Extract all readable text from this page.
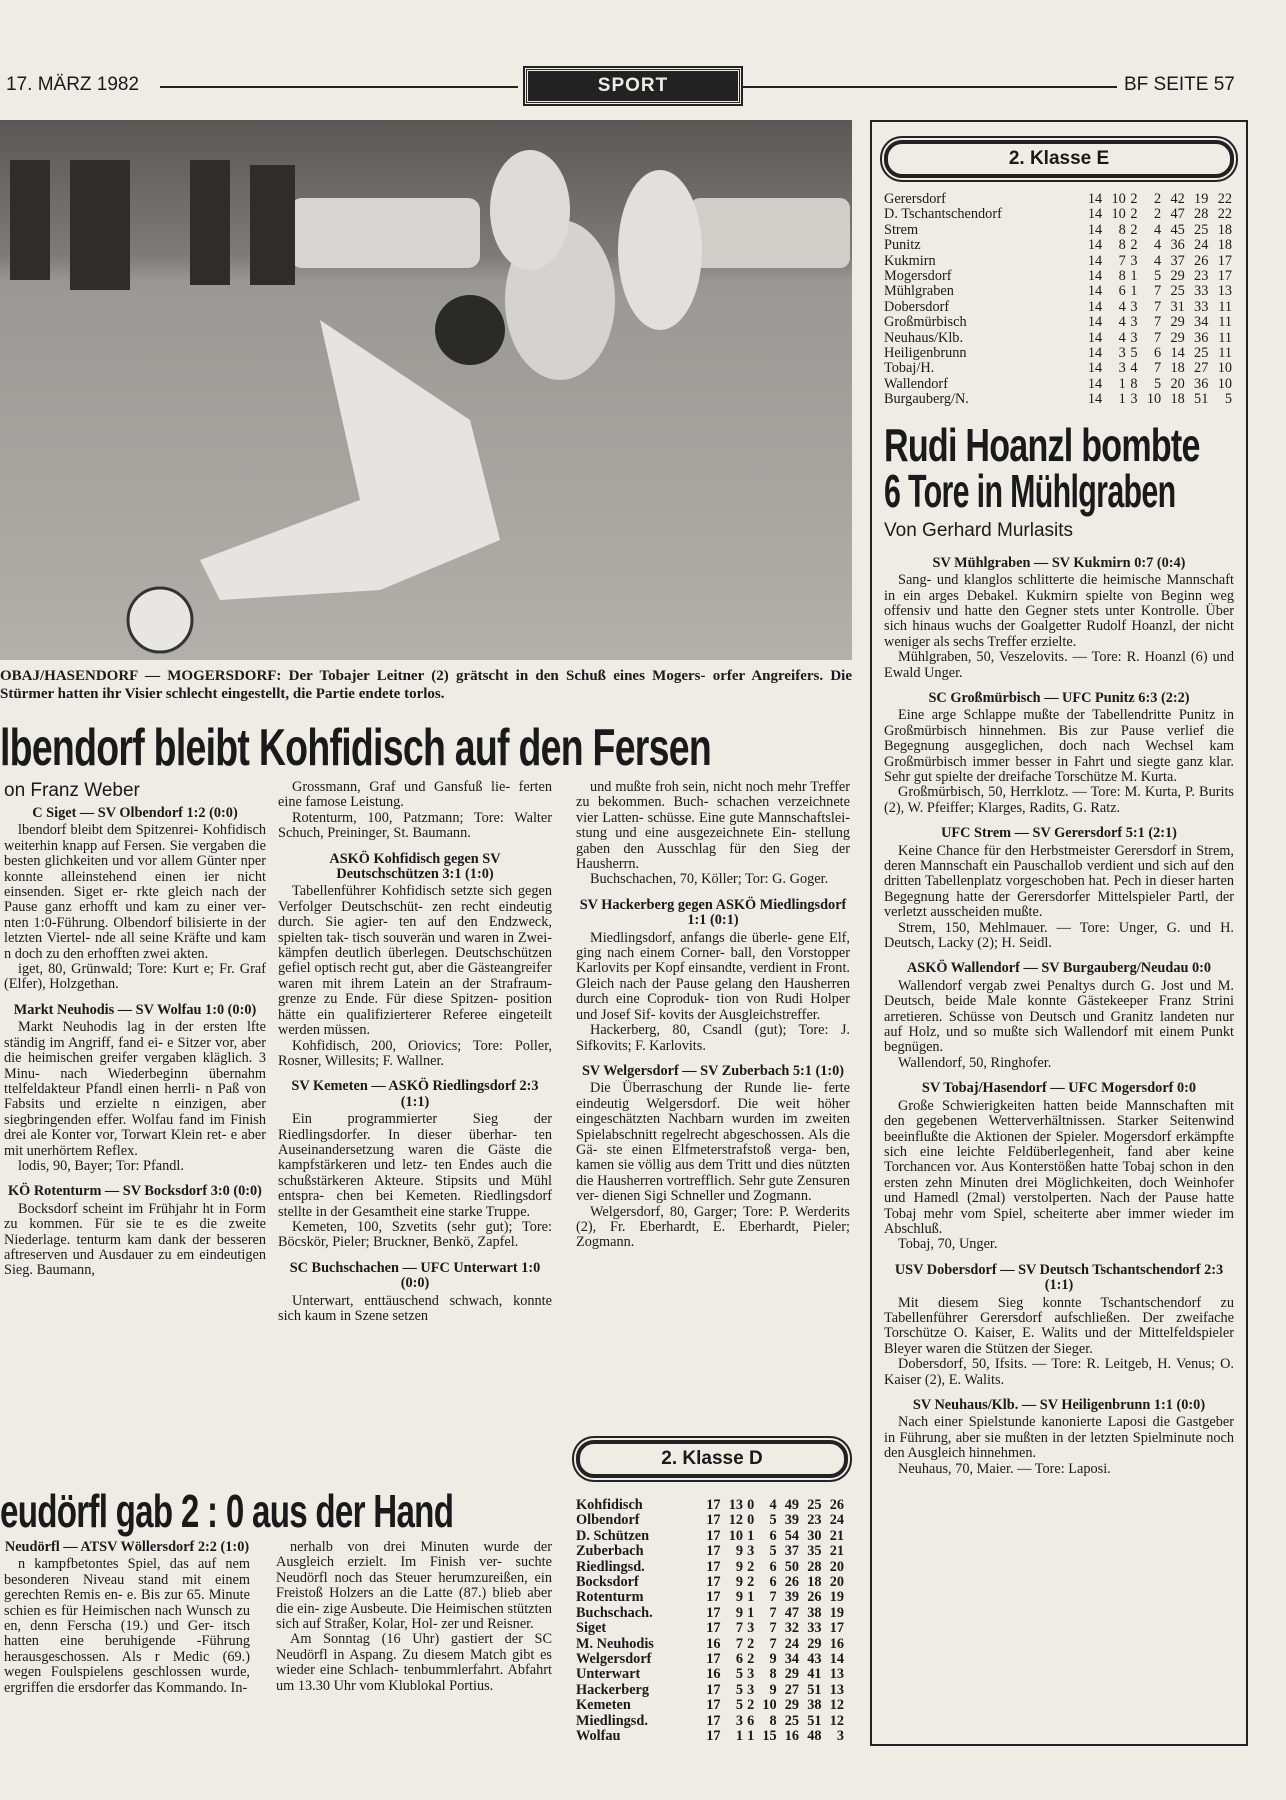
17. MÄRZ 1982	SPORT	BF SEITE 57
OBAJ/HASENDORF — MOGERSDORF: Der Tobajer Leitner (2) grätscht in den Schuß eines Mogers- orfer Angreifers. Die Stürmer hatten ihr Visier schlecht eingestellt, die Partie endete torlos.
lbendorf bleibt Kohfidisch auf den Fersen
on Franz Weber
C Siget — SV Olbendorf 1:2 (0:0)

lbendorf bleibt dem Spitzenrei- Kohfidisch weiterhin knapp auf Fersen. Sie vergaben die besten glichkeiten und vor allem Günter nper konnte alleinstehend einen ier nicht einsenden. Siget er- rkte gleich nach der Pause ganz erhofft und kam zu einer ver- nten 1:0-Führung. Olbendorf bilisierte in der letzten Viertel- nde all seine Kräfte und kam n doch zu den erhofften zwei akten.

iget, 80, Grünwald; Tore: Kurt e; Fr. Graf (Elfer), Holzgethan.

Markt Neuhodis — SV Wolfau 1:0 (0:0)

Markt Neuhodis lag in der ersten lfte ständig im Angriff, fand ei- e Sitzer vor, aber die heimischen greifer vergaben kläglich. 3 Minu- nach Wiederbeginn übernahm ttelfeldakteur Pfandl einen herrli- n Paß von Fabsits und erzielte n einzigen, aber siegbringenden effer. Wolfau fand im Finish drei ale Konter vor, Torwart Klein ret- e aber mit unerhörtem Reflex.

lodis, 90, Bayer; Tor: Pfandl.

KÖ Rotenturm — SV Bocksdorf 3:0 (0:0)

Bocksdorf scheint im Frühjahr ht in Form zu kommen. Für sie te es die zweite Niederlage. tenturm kam dank der besseren aftreserven und Ausdauer zu em eindeutigen Sieg. Baumann,

Grossmann, Graf und Gansfuß lie- ferten eine famose Leistung.

Rotenturm, 100, Patzmann; Tore: Walter Schuch, Preininger, St. Baumann.

ASKÖ Kohfidisch gegen SV Deutschschützen 3:1 (1:0)

Tabellenführer Kohfidisch setzte sich gegen Verfolger Deutschschüt- zen recht eindeutig durch. Sie agier- ten auf den Endzweck, spielten tak- tisch souverän und waren in Zwei- kämpfen deutlich überlegen. Deutschschützen gefiel optisch recht gut, aber die Gästeangreifer waren mit ihrem Latein an der Strafraum- grenze zu Ende. Für diese Spitzen- position hätte ein qualifizierterer Referee eingeteilt werden müssen.

Kohfidisch, 200, Oriovics; Tore: Poller, Rosner, Willesits; F. Wallner.

SV Kemeten — ASKÖ Riedlingsdorf 2:3 (1:1)

Ein programmierter Sieg der Riedlingsdorfer. In dieser überhar- ten Auseinandersetzung waren die Gäste die kampfstärkeren und letz- ten Endes auch die schußstärkeren Akteure. Stipsits und Mühl entspra- chen bei Kemeten. Riedlingsdorf stellte in der Gesamtheit eine starke Truppe.

Kemeten, 100, Szvetits (sehr gut); Tore: Böcskör, Pieler; Bruckner, Benkö, Zapfel.

SC Buchschachen — UFC Unterwart 1:0 (0:0)

Unterwart, enttäuschend schwach, konnte sich kaum in Szene setzen

und mußte froh sein, nicht noch mehr Treffer zu bekommen. Buch- schachen verzeichnete vier Latten- schüsse. Eine gute Mannschaftslei- stung und eine ausgezeichnete Ein- stellung gaben den Ausschlag für den Sieg der Hausherrn.

Buchschachen, 70, Köller; Tor: G. Goger.

SV Hackerberg gegen ASKÖ Miedlingsdorf 1:1 (0:1)

Miedlingsdorf, anfangs die überle- gene Elf, ging nach einem Corner- ball, den Vorstopper Karlovits per Kopf einsandte, verdient in Front. Gleich nach der Pause gelang den Hausherren durch eine Coproduk- tion von Rudi Holper und Josef Sif- kovits der Ausgleichstreffer.

Hackerberg, 80, Csandl (gut); Tore: J. Sifkovits; F. Karlovits.

SV Welgersdorf — SV Zuberbach 5:1 (1:0)

Die Überraschung der Runde lie- ferte eindeutig Welgersdorf. Die weit höher eingeschätzten Nachbarn wurden im zweiten Spielabschnitt regelrecht abgeschossen. Als die Gä- ste einen Elfmeterstrafstoß verga- ben, kamen sie völlig aus dem Tritt und dies nützten die Hausherren vortrefflich. Sehr gute Zensuren ver- dienen Sigi Schneller und Zogmann.

Welgersdorf, 80, Garger; Tore: P. Werderits (2), Fr. Eberhardt, E. Eberhardt, Pieler; Zogmann.

eudörfl gab 2 : 0 aus der Hand
Neudörfl — ATSV Wöllersdorf 2:2 (1:0)

n kampfbetontes Spiel, das auf nem besonderen Niveau stand mit einem gerechten Remis en- e. Bis zur 65. Minute schien es für Heimischen nach Wunsch zu en, denn Ferscha (19.) und Ger- itsch hatten eine beruhigende -Führung herausgeschossen. Als r Medic (69.) wegen Foulspielens geschlossen wurde, ergriffen die ersdorfer das Kommando. In-

nerhalb von drei Minuten wurde der Ausgleich erzielt. Im Finish ver- suchte Neudörfl noch das Steuer herumzureißen, ein Freistoß Holzers an die Latte (87.) blieb aber die ein- zige Ausbeute. Die Heimischen stützten sich auf Straßer, Kolar, Hol- zer und Reisner.

Am Sonntag (16 Uhr) gastiert der SC Neudörfl in Aspang. Zu diesem Match gibt es wieder eine Schlach- tenbummlerfahrt. Abfahrt um 13.30 Uhr vom Klublokal Portius.

2. Klasse D
Kohfidisch	17	13	0	4	49	25	26
Olbendorf	17	12	0	5	39	23	24
D. Schützen	17	10	1	6	54	30	21
Zuberbach	17	9	3	5	37	35	21
Riedlingsd.	17	9	2	6	50	28	20
Bocksdorf	17	9	2	6	26	18	20
Rotenturm	17	9	1	7	39	26	19
Buchschach.	17	9	1	7	47	38	19
Siget	17	7	3	7	32	33	17
M. Neuhodis	16	7	2	7	24	29	16
Welgersdorf	17	6	2	9	34	43	14
Unterwart	16	5	3	8	29	41	13
Hackerberg	17	5	3	9	27	51	13
Kemeten	17	5	2	10	29	38	12
Miedlingsd.	17	3	6	8	25	51	12
Wolfau	17	1	1	15	16	48	3
2. Klasse E
Gerersdorf	14	10	2	2	42	19	22
D. Tschantschendorf	14	10	2	2	47	28	22
Strem	14	8	2	4	45	25	18
Punitz	14	8	2	4	36	24	18
Kukmirn	14	7	3	4	37	26	17
Mogersdorf	14	8	1	5	29	23	17
Mühlgraben	14	6	1	7	25	33	13
Dobersdorf	14	4	3	7	31	33	11
Großmürbisch	14	4	3	7	29	34	11
Neuhaus/Klb.	14	4	3	7	29	36	11
Heiligenbrunn	14	3	5	6	14	25	11
Tobaj/H.	14	3	4	7	18	27	10
Wallendorf	14	1	8	5	20	36	10
Burgauberg/N.	14	1	3	10	18	51	5
Rudi Hoanzl bombte
6 Tore in Mühlgraben
Von Gerhard Murlasits
SV Mühlgraben — SV Kukmirn 0:7 (0:4)

Sang- und klanglos schlitterte die heimische Mannschaft in ein arges Debakel. Kukmirn spielte von Beginn weg offensiv und hatte den Gegner stets unter Kontrolle. Über sich hinaus wuchs der Goalgetter Rudolf Hoanzl, der nicht weniger als sechs Treffer erzielte.

Mühlgraben, 50, Veszelovits. — Tore: R. Hoanzl (6) und Ewald Unger.

SC Großmürbisch — UFC Punitz 6:3 (2:2)

Eine arge Schlappe mußte der Tabellendritte Punitz in Großmürbisch hinnehmen. Bis zur Pause verlief die Begegnung ausgeglichen, doch nach Wechsel kam Großmürbisch immer besser in Fahrt und siegte ganz klar. Sehr gut spielte der dreifache Torschütze M. Kurta.

Großmürbisch, 50, Herrklotz. — Tore: M. Kurta, P. Burits (2), W. Pfeiffer; Klarges, Radits, G. Ratz.

UFC Strem — SV Gerersdorf 5:1 (2:1)

Keine Chance für den Herbstmeister Gerersdorf in Strem, deren Mannschaft ein Pauschallob verdient und sich auf den dritten Tabellenplatz vorgeschoben hat. Pech in dieser harten Begegnung hatte der Gerersdorfer Mittelspieler Partl, der verletzt ausscheiden mußte.

Strem, 150, Mehlmauer. — Tore: Unger, G. und H. Deutsch, Lacky (2); H. Seidl.

ASKÖ Wallendorf — SV Burgauberg/Neudau 0:0

Wallendorf vergab zwei Penaltys durch G. Jost und M. Deutsch, beide Male konnte Gästekeeper Franz Strini arretieren. Schüsse von Deutsch und Granitz landeten nur auf Holz, und so mußte sich Wallendorf mit einem Punkt begnügen.

Wallendorf, 50, Ringhofer.

SV Tobaj/Hasendorf — UFC Mogersdorf 0:0

Große Schwierigkeiten hatten beide Mannschaften mit den gegebenen Wetterverhältnissen. Starker Seitenwind beeinflußte die Aktionen der Spieler. Mogersdorf erkämpfte sich eine leichte Feldüberlegenheit, fand aber keine Torchancen vor. Aus Konterstößen hatte Tobaj schon in den ersten zehn Minuten drei Möglichkeiten, doch Weinhofer und Hamedl (2mal) verstolperten. Nach der Pause hatte Tobaj mehr vom Spiel, scheiterte aber immer wieder im Abschluß.

Tobaj, 70, Unger.

USV Dobersdorf — SV Deutsch Tschantschendorf 2:3 (1:1)

Mit diesem Sieg konnte Tschantschendorf zu Tabellenführer Gerersdorf aufschließen. Der zweifache Torschütze O. Kaiser, E. Walits und der Mittelfeldspieler Bleyer waren die Stützen der Sieger.

Dobersdorf, 50, Ifsits. — Tore: R. Leitgeb, H. Venus; O. Kaiser (2), E. Walits.

SV Neuhaus/Klb. — SV Heiligenbrunn 1:1 (0:0)

Nach einer Spielstunde kanonierte Laposi die Gastgeber in Führung, aber sie mußten in der letzten Spielminute noch den Ausgleich hinnehmen.

Neuhaus, 70, Maier. — Tore: Laposi.
